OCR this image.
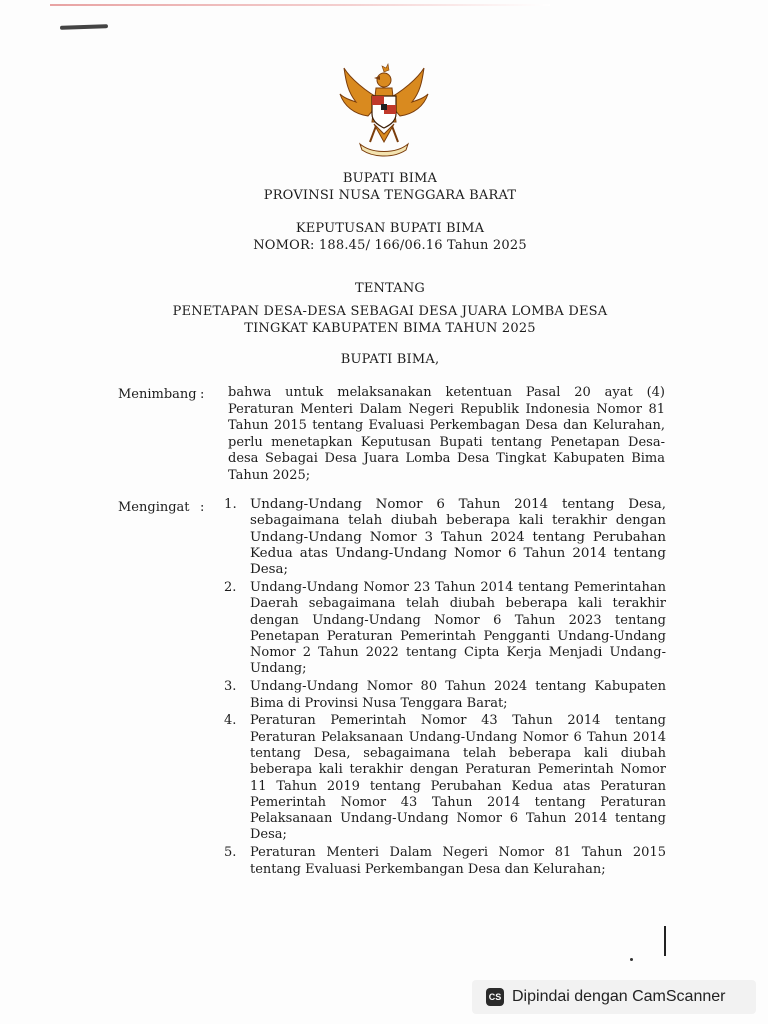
BUPATI BIMA
PROVINSI NUSA TENGGARA BARAT
KEPUTUSAN BUPATI BIMA
NOMOR: 188.45/ 166/06.16 Tahun 2025
TENTANG
PENETAPAN DESA-DESA SEBAGAI DESA JUARA LOMBA DESA
TINGKAT KABUPATEN BIMA TAHUN 2025
BUPATI BIMA,
Menimbang : bahwa untuk melaksanakan ketentuan Pasal 20 ayat (4) Peraturan Menteri Dalam Negeri Republik Indonesia Nomor 81 Tahun 2015 tentang Evaluasi Perkembagan Desa dan Kelurahan, perlu menetapkan Keputusan Bupati tentang Penetapan Desa-desa Sebagai Desa Juara Lomba Desa Tingkat Kabupaten Bima Tahun 2025;
Mengingat : 1. Undang-Undang Nomor 6 Tahun 2014 tentang Desa, sebagaimana telah diubah beberapa kali terakhir dengan Undang-Undang Nomor 3 Tahun 2024 tentang Perubahan Kedua atas Undang-Undang Nomor 6 Tahun 2014 tentang Desa;
2.	Undang-Undang Nomor 23 Tahun 2014 tentang Pemerintahan Daerah sebagaimana telah diubah beberapa kali terakhir dengan Undang-Undang Nomor 6 Tahun 2023 tentang Penetapan Peraturan Pemerintah Pengganti Undang-Undang Nomor 2 Tahun 2022 tentang Cipta Kerja Menjadi Undang-Undang;
3.	Undang-Undang Nomor 80 Tahun 2024 tentang Kabupaten Bima di Provinsi Nusa Tenggara Barat;
4.	Peraturan Pemerintah Nomor 43 Tahun 2014 tentang Peraturan Pelaksanaan Undang-Undang Nomor 6 Tahun 2014 tentang Desa, sebagaimana telah beberapa kali diubah beberapa kali terakhir dengan Peraturan Pemerintah Nomor 11 Tahun 2019 tentang Perubahan Kedua atas Peraturan Pemerintah Nomor 43 Tahun 2014 tentang Peraturan Pelaksanaan Undang-Undang Nomor 6 Tahun 2014 tentang Desa;
5.	Peraturan Menteri Dalam Negeri Nomor 81 Tahun 2015 tentang Evaluasi Perkembangan Desa dan Kelurahan;
CS Dipindai dengan CamScanner
